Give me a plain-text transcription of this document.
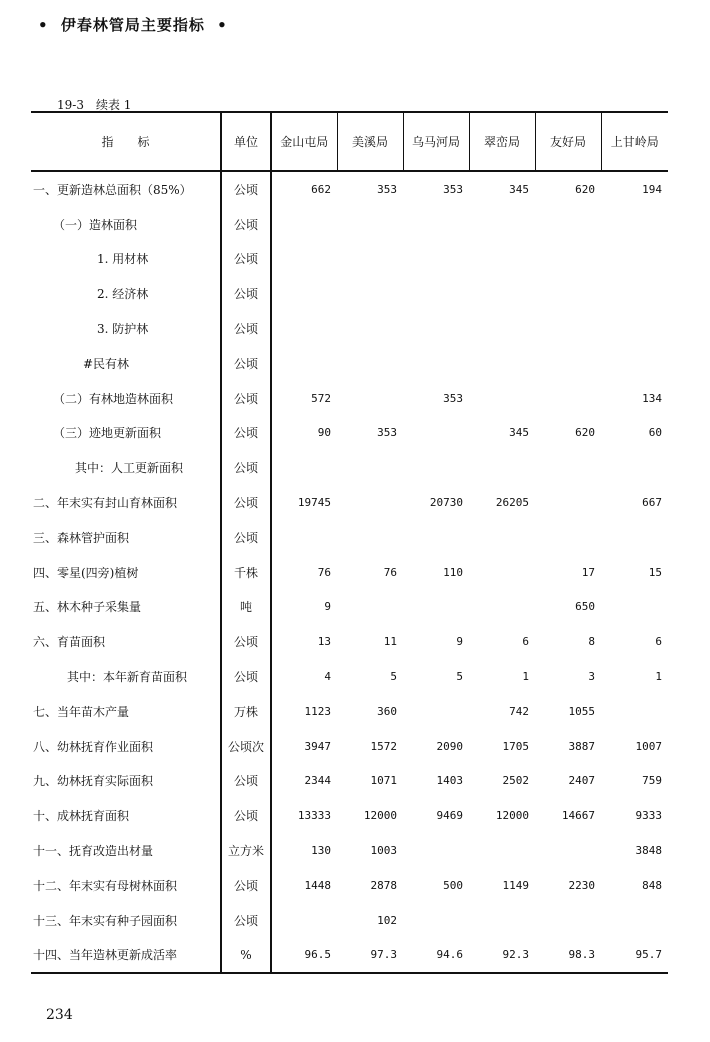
• 伊春林管局主要指标 •
19-3　续表 1
指　　标	单位	金山屯局	美溪局	乌马河局	翠峦局	友好局	上甘岭局
一、更新造林总面积（85%）	公顷	662	353	353	345	620	194
（一）造林面积	公顷						
1. 用材林	公顷						
2. 经济林	公顷						
3. 防护林	公顷						
#民有林	公顷						
（二）有林地造林面积	公顷	572		353			134
（三）迹地更新面积	公顷	90	353		345	620	60
其中：人工更新面积	公顷						
二、年末实有封山育林面积	公顷	19745		20730	26205		667
三、森林管护面积	公顷						
四、零星(四旁)植树	千株	76	76	110		17	15
五、林木种子采集量	吨	9				650	
六、育苗面积	公顷	13	11	9	6	8	6
其中：本年新育苗面积	公顷	4	5	5	1	3	1
七、当年苗木产量	万株	1123	360		742	1055	
八、幼林抚育作业面积	公顷次	3947	1572	2090	1705	3887	1007
九、幼林抚育实际面积	公顷	2344	1071	1403	2502	2407	759
十、成林抚育面积	公顷	13333	12000	9469	12000	14667	9333
十一、抚育改造出材量	立方米	130	1003				3848
十二、年末实有母树林面积	公顷	1448	2878	500	1149	2230	848
十三、年末实有种子园面积	公顷		102				
十四、当年造林更新成活率	%	96.5	97.3	94.6	92.3	98.3	95.7
234
